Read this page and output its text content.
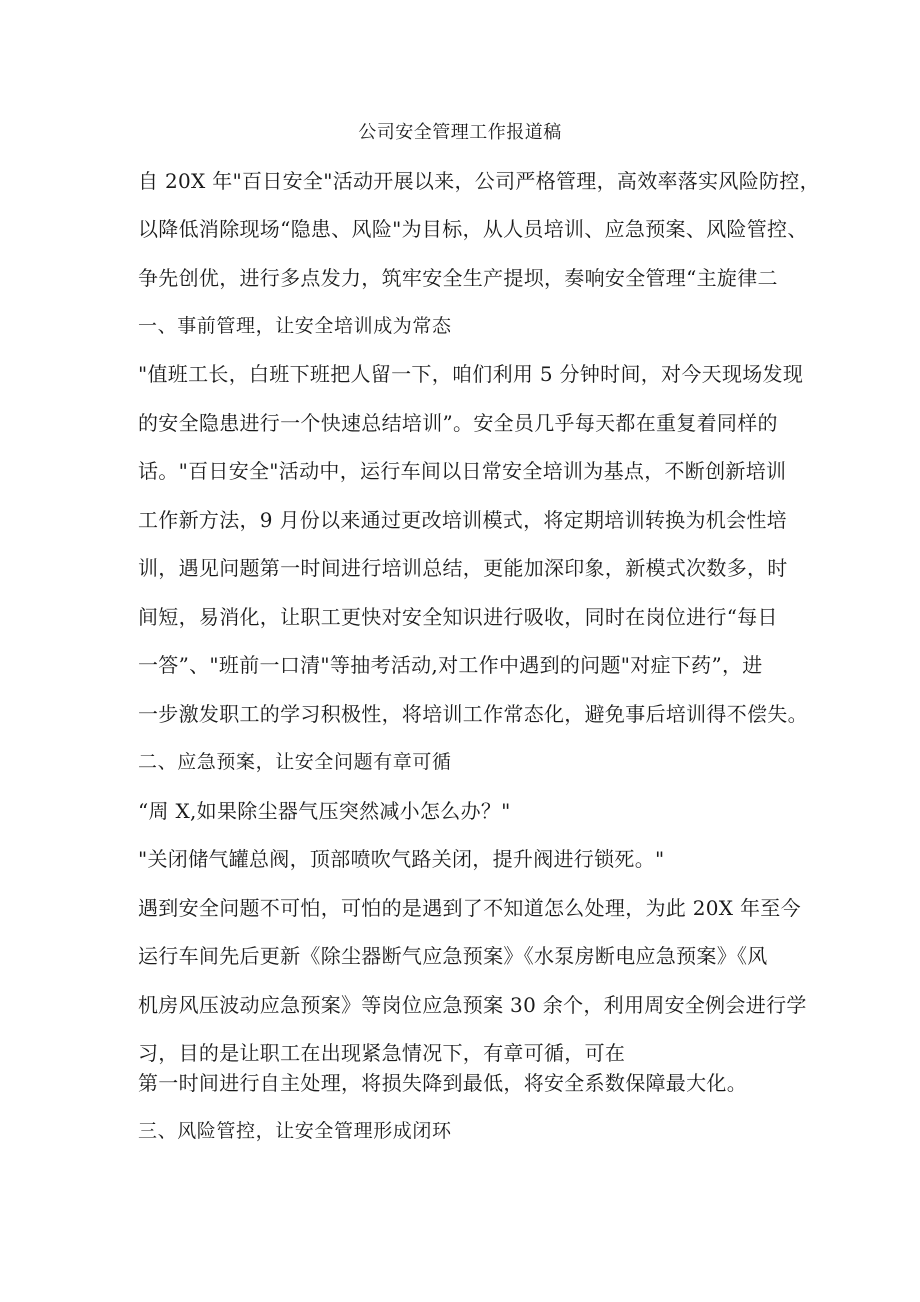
公司安全管理工作报道稿
自 20X 年"百日安全"活动开展以来，公司严格管理，高效率落实风险防控，
以降低消除现场“隐患、风险"为目标，从人员培训、应急预案、风险管控、
争先创优，进行多点发力，筑牢安全生产提坝，奏响安全管理“主旋律二
一、事前管理，让安全培训成为常态
"值班工长，白班下班把人留一下，咱们利用 5 分钟时间，对今天现场发现
的安全隐患进行一个快速总结培训”。安全员几乎每天都在重复着同样的
话。"百日安全"活动中，运行车间以日常安全培训为基点，不断创新培训
工作新方法，9 月份以来通过更改培训模式，将定期培训转换为机会性培
训，遇见问题第一时间进行培训总结，更能加深印象，新模式次数多，时
间短，易消化，让职工更快对安全知识进行吸收，同时在岗位进行“每日
一答”、"班前一口清"等抽考活动,对工作中遇到的问题"对症下药”，进
一步激发职工的学习积极性，将培训工作常态化，避免事后培训得不偿失。
二、应急预案，让安全问题有章可循
“周 X,如果除尘器气压突然减小怎么办？"
"关闭储气罐总阀，顶部喷吹气路关闭，提升阀进行锁死。"
遇到安全问题不可怕，可怕的是遇到了不知道怎么处理，为此 20X 年至今
运行车间先后更新《除尘器断气应急预案》《水泵房断电应急预案》《风
机房风压波动应急预案》等岗位应急预案 30 余个，利用周安全例会进行学
习，目的是让职工在出现紧急情况下，有章可循，可在
第一时间进行自主处理，将损失降到最低，将安全系数保障最大化。
三、风险管控，让安全管理形成闭环
